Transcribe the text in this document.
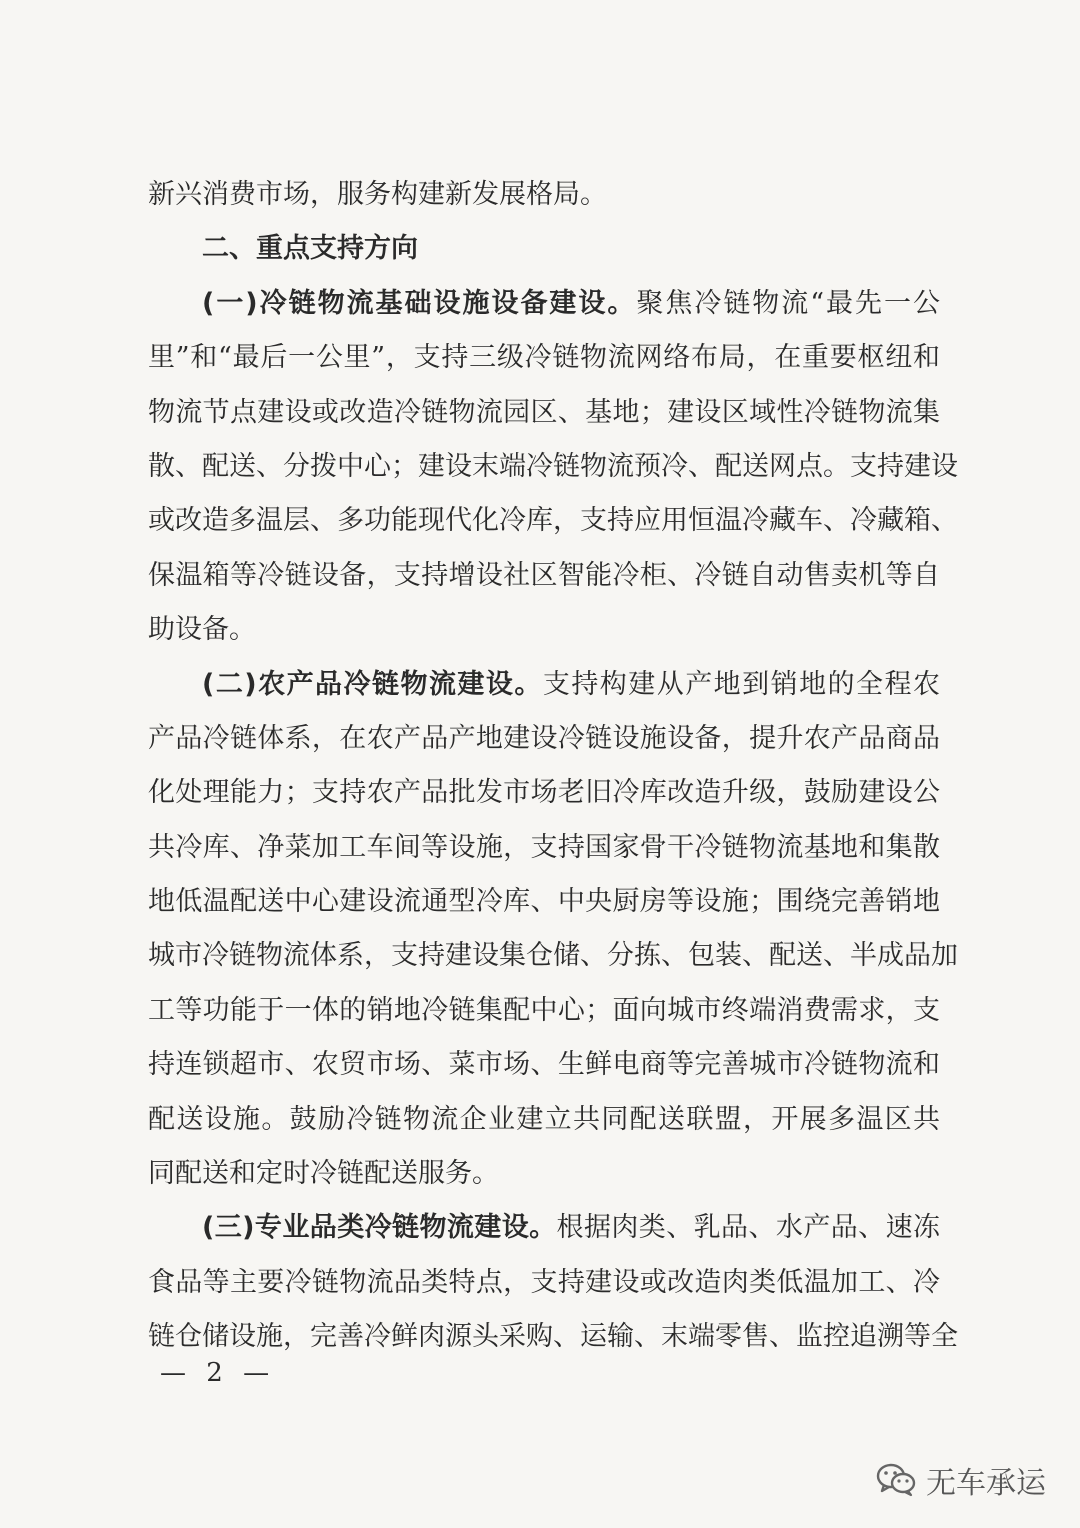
新兴消费市场，服务构建新发展格局。
二、重点支持方向
(一)冷链物流基础设施设备建设。聚焦冷链物流“最先一公
里”和“最后一公里”，支持三级冷链物流网络布局，在重要枢纽和
物流节点建设或改造冷链物流园区、基地；建设区域性冷链物流集
散、配送、分拨中心；建设末端冷链物流预冷、配送网点。支持建设
或改造多温层、多功能现代化冷库，支持应用恒温冷藏车、冷藏箱、
保温箱等冷链设备，支持增设社区智能冷柜、冷链自动售卖机等自
助设备。
(二)农产品冷链物流建设。支持构建从产地到销地的全程农
产品冷链体系，在农产品产地建设冷链设施设备，提升农产品商品
化处理能力；支持农产品批发市场老旧冷库改造升级，鼓励建设公
共冷库、净菜加工车间等设施，支持国家骨干冷链物流基地和集散
地低温配送中心建设流通型冷库、中央厨房等设施；围绕完善销地
城市冷链物流体系，支持建设集仓储、分拣、包装、配送、半成品加
工等功能于一体的销地冷链集配中心；面向城市终端消费需求，支
持连锁超市、农贸市场、菜市场、生鲜电商等完善城市冷链物流和
配送设施。鼓励冷链物流企业建立共同配送联盟，开展多温区共
同配送和定时冷链配送服务。
(三)专业品类冷链物流建设。根据肉类、乳品、水产品、速冻
食品等主要冷链物流品类特点，支持建设或改造肉类低温加工、冷
链仓储设施，完善冷鲜肉源头采购、运输、末端零售、监控追溯等全
— 2 —
无车承运
